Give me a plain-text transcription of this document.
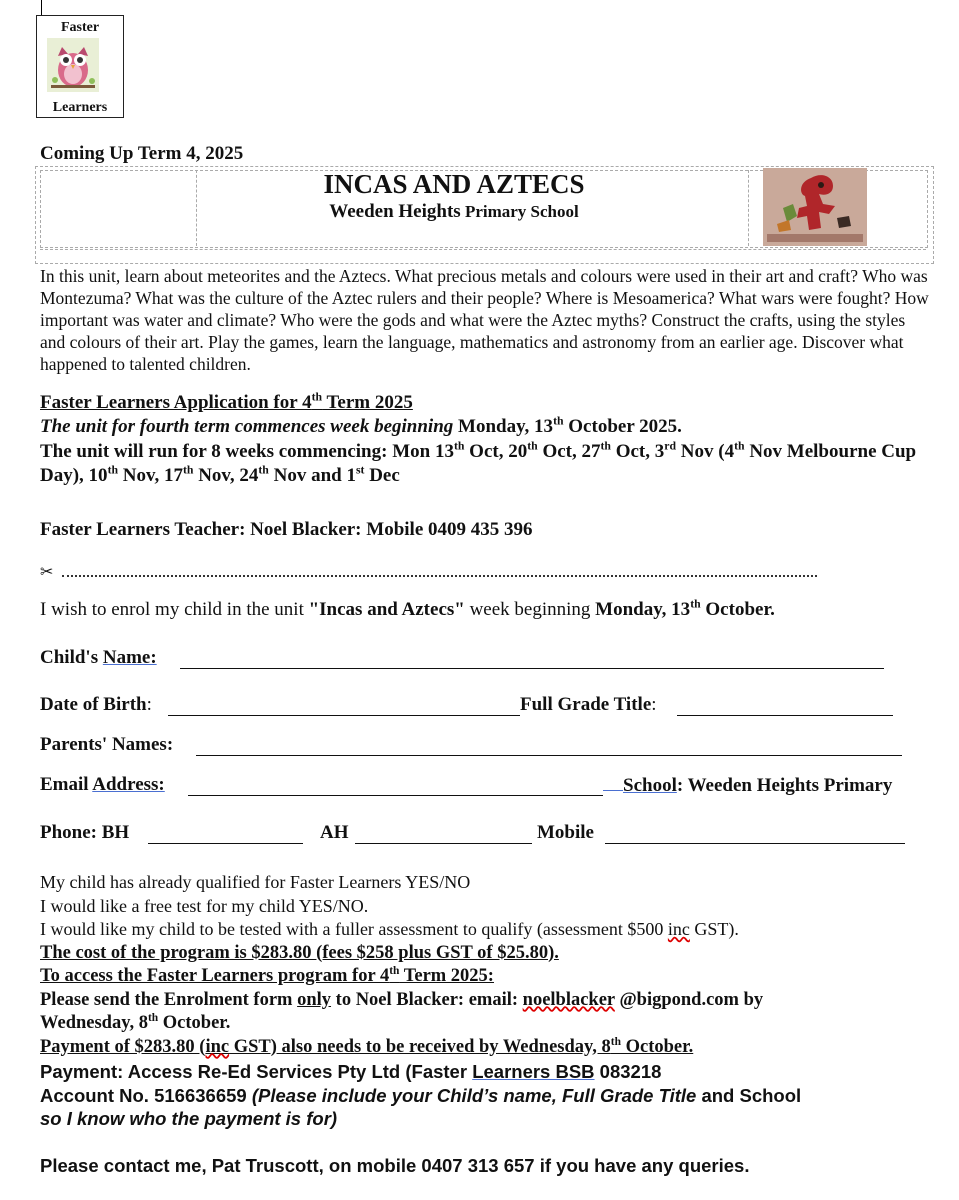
Faster
Learners
Coming Up Term 4, 2025
INCAS AND AZTECS
Weeden Heights Primary School
In this unit, learn about meteorites and the Aztecs. What precious metals and colours were used in their art and craft? Who was Montezuma? What was the culture of the Aztec rulers and their people? Where is Mesoamerica? What wars were fought? How important was water and climate? Who were the gods and what were the Aztec myths? Construct the crafts, using the styles and colours of their art. Play the games, learn the language, mathematics and astronomy from an earlier age. Discover what happened to talented children.
Faster Learners Application for 4th Term 2025
The unit for fourth term commences week beginning Monday, 13th October 2025.
The unit will run for 8 weeks commencing: Mon 13th Oct, 20th Oct, 27th Oct, 3rd Nov (4th Nov Melbourne Cup Day), 10th Nov, 17th Nov, 24th Nov and 1st Dec
Faster Learners Teacher: Noel Blacker: Mobile 0409 435 396
✂
I wish to enrol my child in the unit "Incas and Aztecs" week beginning Monday, 13th October.
Child's Name:
Date of Birth:	Full Grade Title:
Parents' Names:
Email Address:	School: Weeden Heights Primary
Phone: BH	AH	Mobile
My child has already qualified for Faster Learners YES/NO
I would like a free test for my child YES/NO.
I would like my child to be tested with a fuller assessment to qualify (assessment $500 inc GST).
The cost of the program is $283.80 (fees $258 plus GST of $25.80).
To access the Faster Learners program for 4th Term 2025:
Please send the Enrolment form only to Noel Blacker: email: noelblacker @bigpond.com by
Wednesday, 8th October.
Payment of $283.80 (inc GST) also needs to be received by Wednesday, 8th October.
Payment: Access Re-Ed Services Pty Ltd (Faster Learners BSB 083218
Account No. 516636659 (Please include your Child’s name, Full Grade Title and School
so I know who the payment is for)
Please contact me, Pat Truscott, on mobile 0407 313 657 if you have any queries.
